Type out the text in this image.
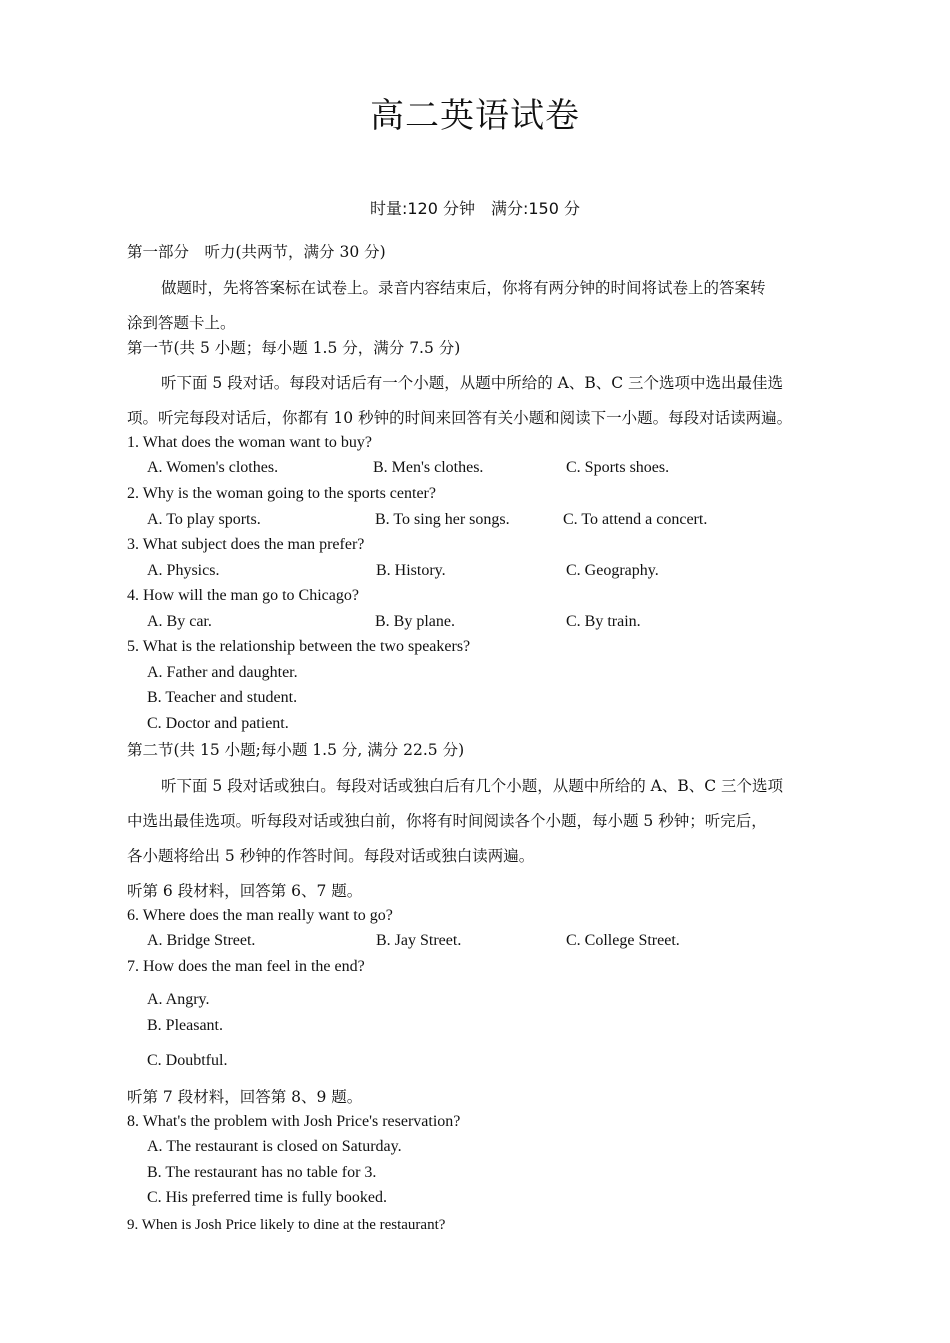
高二英语试卷
时量:120 分钟　满分:150 分
第一部分　听力(共两节，满分 30 分)
做题时，先将答案标在试卷上。录音内容结束后，你将有两分钟的时间将试卷上的答案转
涂到答题卡上。
第一节(共 5 小题；每小题 1.5 分，满分 7.5 分)
听下面 5 段对话。每段对话后有一个小题，从题中所给的 A、B、C 三个选项中选出最佳选
项。听完每段对话后，你都有 10 秒钟的时间来回答有关小题和阅读下一小题。每段对话读两遍。
1. What does the woman want to buy?
A. Women's clothes.	B. Men's clothes.	C. Sports shoes.
2. Why is the woman going to the sports center?
A. To play sports.	B. To sing her songs.	C. To attend a concert.
3. What subject does the man prefer?
A. Physics.	B. History.	C. Geography.
4. How will the man go to Chicago?
A. By car.	B. By plane.	C. By train.
5. What is the relationship between the two speakers?
A. Father and daughter.
B. Teacher and student.
C. Doctor and patient.
第二节(共 15 小题;每小题 1.5 分, 满分 22.5 分)
听下面 5 段对话或独白。每段对话或独白后有几个小题，从题中所给的 A、B、C 三个选项
中选出最佳选项。听每段对话或独白前，你将有时间阅读各个小题，每小题 5 秒钟；听完后，
各小题将给出 5 秒钟的作答时间。每段对话或独白读两遍。
听第 6 段材料，回答第 6、7 题。
6. Where does the man really want to go?
A. Bridge Street.	B. Jay Street.	C. College Street.
7. How does the man feel in the end?
A. Angry.
B. Pleasant.
C. Doubtful.
听第 7 段材料，回答第 8、9 题。
8. What's the problem with Josh Price's reservation?
A. The restaurant is closed on Saturday.
B. The restaurant has no table for 3.
C. His preferred time is fully booked.
9. When is Josh Price likely to dine at the restaurant?
